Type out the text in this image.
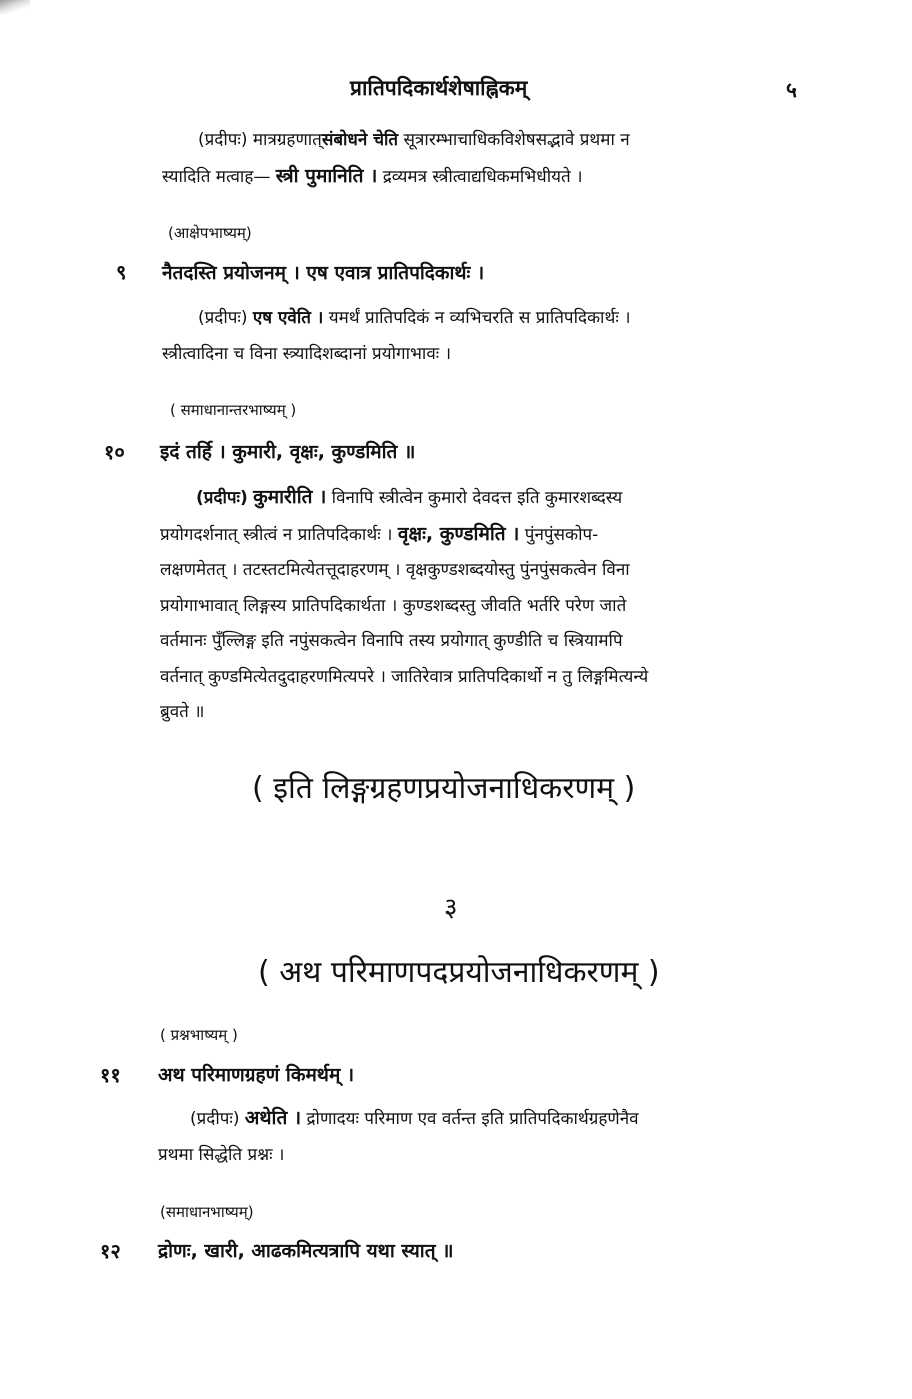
प्रातिपदिकार्थशेषाह्निकम्	५

(प्रदीपः) मात्रग्रहणात्संबोधने चेति सूत्रारम्भाचाधिकविशेषसद्भावे प्रथमा न

स्यादिति मत्वाह— स्त्री पुमानिति । द्रव्यमत्र स्त्रीत्वाद्यधिकमभिधीयते ।

(आक्षेपभाष्यम्)
९ नैतदस्ति प्रयोजनम् । एष एवात्र प्रातिपदिकार्थः ।

(प्रदीपः) एष एवेति । यमर्थं प्रातिपदिकं न व्यभिचरति स प्रातिपदिकार्थः ।

स्त्रीत्वादिना च विना स्त्र्यादिशब्दानां प्रयोगाभावः ।

( समाधानान्तरभाष्यम् )
१० इदं तर्हि । कुमारी, वृक्षः, कुण्डमिति ॥

(प्रदीपः) कुमारीति । विनापि स्त्रीत्वेन कुमारो देवदत्त इति कुमारशब्दस्य

प्रयोगदर्शनात् स्त्रीत्वं न प्रातिपदिकार्थः । वृक्षः, कुण्डमिति । पुंनपुंसकोप-

लक्षणमेतत् । तटस्तटमित्येतत्तूदाहरणम् । वृक्षकुण्डशब्दयोस्तु पुंनपुंसकत्वेन विना

प्रयोगाभावात् लिङ्गस्य प्रातिपदिकार्थता । कुण्डशब्दस्तु जीवति भर्तरि परेण जाते

वर्तमानः पुँल्लिङ्ग इति नपुंसकत्वेन विनापि तस्य प्रयोगात् कुण्डीति च स्त्रियामपि

वर्तनात् कुण्डमित्येतदुदाहरणमित्यपरे । जातिरेवात्र प्रातिपदिकार्थो न तु लिङ्गमित्यन्ये

ब्रुवते ॥

( इति लिङ्गग्रहणप्रयोजनाधिकरणम् )
३
( अथ परिमाणपदप्रयोजनाधिकरणम् )
( प्रश्नभाष्यम् )
११ अथ परिमाणग्रहणं किमर्थम् ।

(प्रदीपः) अथेति । द्रोणादयः परिमाण एव वर्तन्त इति प्रातिपदिकार्थग्रहणेनैव

प्रथमा सिद्धेति प्रश्नः ।

(समाधानभाष्यम्)
१२ द्रोणः, खारी, आढकमित्यत्रापि यथा स्यात् ॥
